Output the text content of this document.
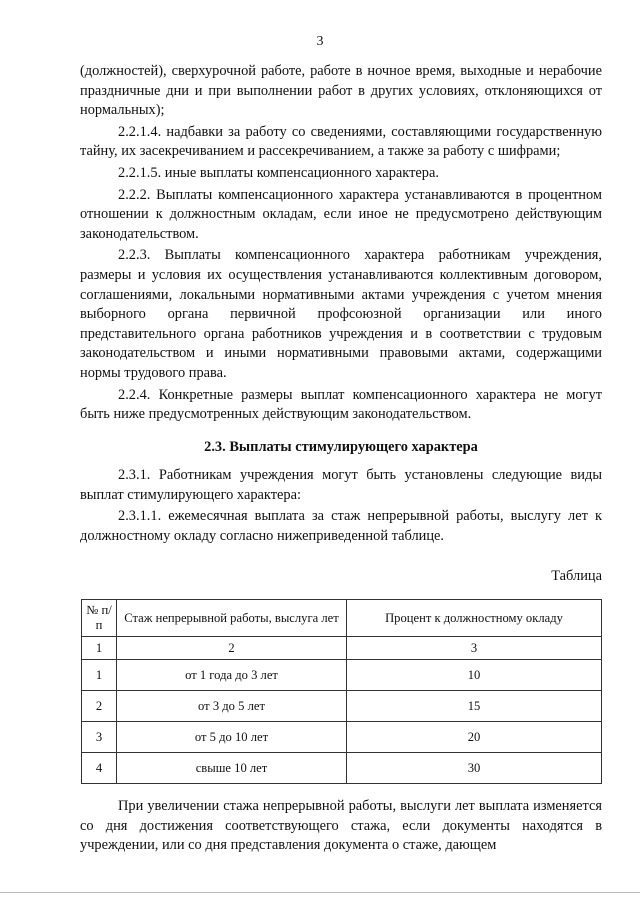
3

(должностей), сверхурочной работе, работе в ночное время, выходные и нерабочие праздничные дни и при выполнении работ в других условиях, отклоняющихся от нормальных);

2.2.1.4. надбавки за работу со сведениями, составляющими государственную тайну, их засекречиванием и рассекречиванием, а также за работу с шифрами;

2.2.1.5. иные выплаты компенсационного характера.

2.2.2. Выплаты компенсационного характера устанавливаются в процентном отношении к должностным окладам, если иное не предусмотрено действующим законодательством.

2.2.3. Выплаты компенсационного характера работникам учреждения, размеры и условия их осуществления устанавливаются коллективным договором, соглашениями, локальными нормативными актами учреждения с учетом мнения выборного органа первичной профсоюзной организации или иного представительного органа работников учреждения и в соответствии с трудовым законодательством и иными нормативными правовыми актами, содержащими нормы трудового права.

2.2.4. Конкретные размеры выплат компенсационного характера не могут быть ниже предусмотренных действующим законодательством.

2.3. Выплаты стимулирующего характера

2.3.1. Работникам учреждения могут быть установлены следующие виды выплат стимулирующего характера:

2.3.1.1. ежемесячная выплата за стаж непрерывной работы, выслугу лет к должностному окладу согласно нижеприведенной таблице.

Таблица
№ п/п	Стаж непрерывной работы, выслуга лет	Процент к должностному окладу
1	2	3
1	от 1 года до 3 лет	10
2	от 3 до 5 лет	15
3	от 5 до 10 лет	20
4	свыше 10 лет	30

При увеличении стажа непрерывной работы, выслуги лет выплата изменяется со дня достижения соответствующего стажа, если документы находятся в учреждении, или со дня представления документа о стаже, дающем
